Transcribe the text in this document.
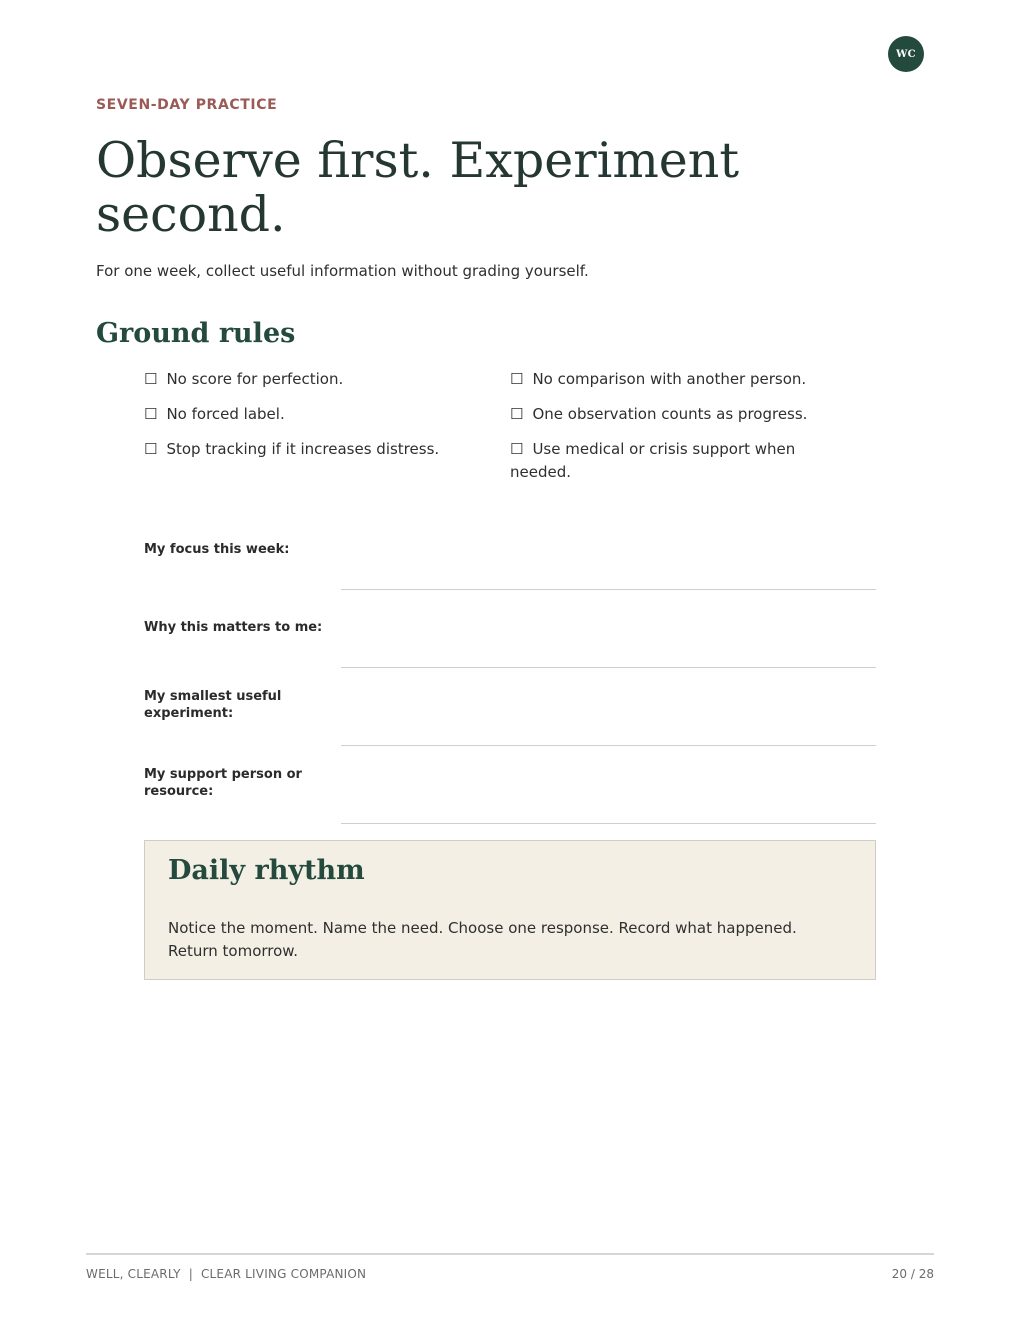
WC
SEVEN-DAY PRACTICE
Observe first. Experiment second.
For one week, collect useful information without grading yourself.
Ground rules

☐ No score for perfection.	☐ No comparison with another person.

☐ No forced label.	☐ One observation counts as progress.

☐ Stop tracking if it increases distress.	☐ Use medical or crisis support when needed.

My focus this week:
Why this matters to me:
My smallest useful experiment:
My support person or resource:
Daily rhythm

Notice the moment. Name the need. Choose one response. Record what happened. Return tomorrow.

WELL, CLEARLY  |  CLEAR LIVING COMPANION	20 / 28
